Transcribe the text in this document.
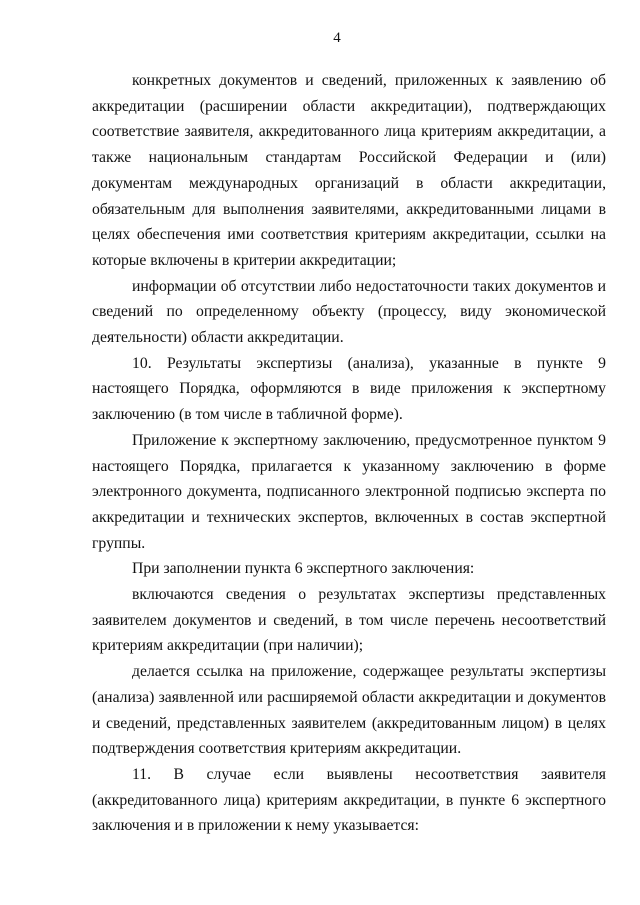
4

конкретных документов и сведений, приложенных к заявлению об аккредитации (расширении области аккредитации), подтверждающих соответствие заявителя, аккредитованного лица критериям аккредитации, а также национальным стандартам Российской Федерации и (или) документам международных организаций в области аккредитации, обязательным для выполнения заявителями, аккредитованными лицами в целях обеспечения ими соответствия критериям аккредитации, ссылки на которые включены в критерии аккредитации;

информации об отсутствии либо недостаточности таких документов и сведений по определенному объекту (процессу, виду экономической деятельности) области аккредитации.

10. Результаты экспертизы (анализа), указанные в пункте 9 настоящего Порядка, оформляются в виде приложения к экспертному заключению (в том числе в табличной форме).

Приложение к экспертному заключению, предусмотренное пунктом 9 настоящего Порядка, прилагается к указанному заключению в форме электронного документа, подписанного электронной подписью эксперта по аккредитации и технических экспертов, включенных в состав экспертной группы.

При заполнении пункта 6 экспертного заключения:

включаются сведения о результатах экспертизы представленных заявителем документов и сведений, в том числе перечень несоответствий критериям аккредитации (при наличии);

делается ссылка на приложение, содержащее результаты экспертизы (анализа) заявленной или расширяемой области аккредитации и документов и сведений, представленных заявителем (аккредитованным лицом) в целях подтверждения соответствия критериям аккредитации.

11. В случае если выявлены несоответствия заявителя (аккредитованного лица) критериям аккредитации, в пункте 6 экспертного заключения и в приложении к нему указывается:
